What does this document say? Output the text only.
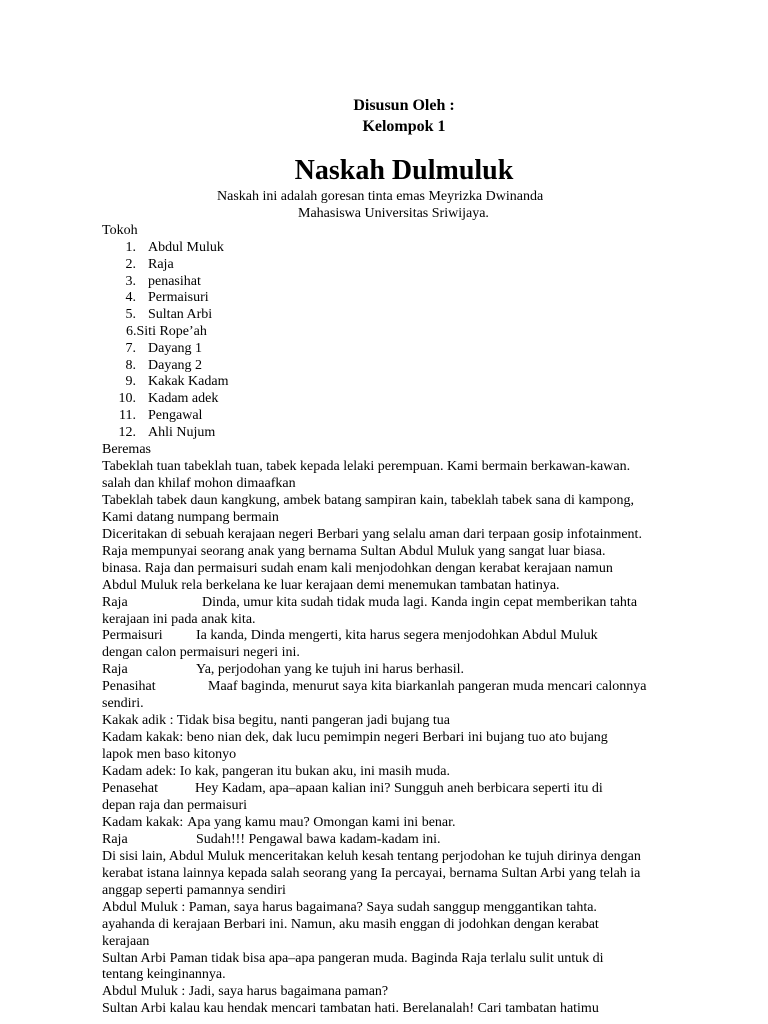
Disusun Oleh :
Kelompok 1
Naskah Dulmuluk
Naskah ini adalah goresan tinta emas Meyrizka Dwinanda
Mahasiswa Universitas Sriwijaya.
Tokoh
1. Abdul Muluk
2. Raja
3. penasihat
4. Permaisuri
5. Sultan Arbi
6.Siti Rope’ah
7. Dayang 1
8. Dayang 2
9. Kakak Kadam
10. Kadam adek
11. Pengawal
12. Ahli Nujum
Beremas
Tabeklah tuan tabeklah tuan, tabek kepada lelaki perempuan. Kami bermain berkawan-kawan.
salah dan khilaf mohon dimaafkan
Tabeklah tabek daun kangkung, ambek batang sampiran kain, tabeklah tabek sana di kampong,
Kami datang numpang bermain
Diceritakan di sebuah kerajaan negeri Berbari yang selalu aman dari terpaan gosip infotainment.
Raja mempunyai seorang anak yang bernama Sultan Abdul Muluk yang sangat luar biasa.
binasa. Raja dan permaisuri sudah enam kali menjodohkan dengan kerabat kerajaan namun
Abdul Muluk rela berkelana ke luar kerajaan demi menemukan tambatan hatinya.
Raja	Dinda, umur kita sudah tidak muda lagi. Kanda ingin cepat memberikan tahta
kerajaan ini pada anak kita.
Permaisuri Ia kanda, Dinda mengerti, kita harus segera menjodohkan Abdul Muluk
dengan calon permaisuri negeri ini.
Raja	Ya, perjodohan yang ke tujuh ini harus berhasil.
Penasihat	Maaf baginda, menurut saya kita biarkanlah pangeran muda mencari calonnya
sendiri.
Kakak adik : Tidak bisa begitu, nanti pangeran jadi bujang tua
Kadam kakak: beno nian dek, dak lucu pemimpin negeri Berbari ini bujang tuo ato bujang
lapok men baso kitonyo
Kadam adek: Io kak, pangeran itu bukan aku, ini masih muda.
Penasehat	Hey Kadam, apa–apaan kalian ini? Sungguh aneh berbicara seperti itu di
depan raja dan permaisuri
Kadam kakak: Apa yang kamu mau? Omongan kami ini benar.
Raja	Sudah!!! Pengawal bawa kadam-kadam ini.
Di sisi lain, Abdul Muluk menceritakan keluh kesah tentang perjodohan ke tujuh dirinya dengan
kerabat istana lainnya kepada salah seorang yang Ia percayai, bernama Sultan Arbi yang telah ia
anggap seperti pamannya sendiri
Abdul Muluk : Paman, saya harus bagaimana? Saya sudah sanggup menggantikan tahta.
ayahanda di kerajaan Berbari ini. Namun, aku masih enggan di jodohkan dengan kerabat
kerajaan
Sultan Arbi Paman tidak bisa apa–apa pangeran muda. Baginda Raja terlalu sulit untuk di
tentang keinginannya.
Abdul Muluk : Jadi, saya harus bagaimana paman?
Sultan Arbi kalau kau hendak mencari tambatan hati. Berelanalah! Cari tambatan hatimu
